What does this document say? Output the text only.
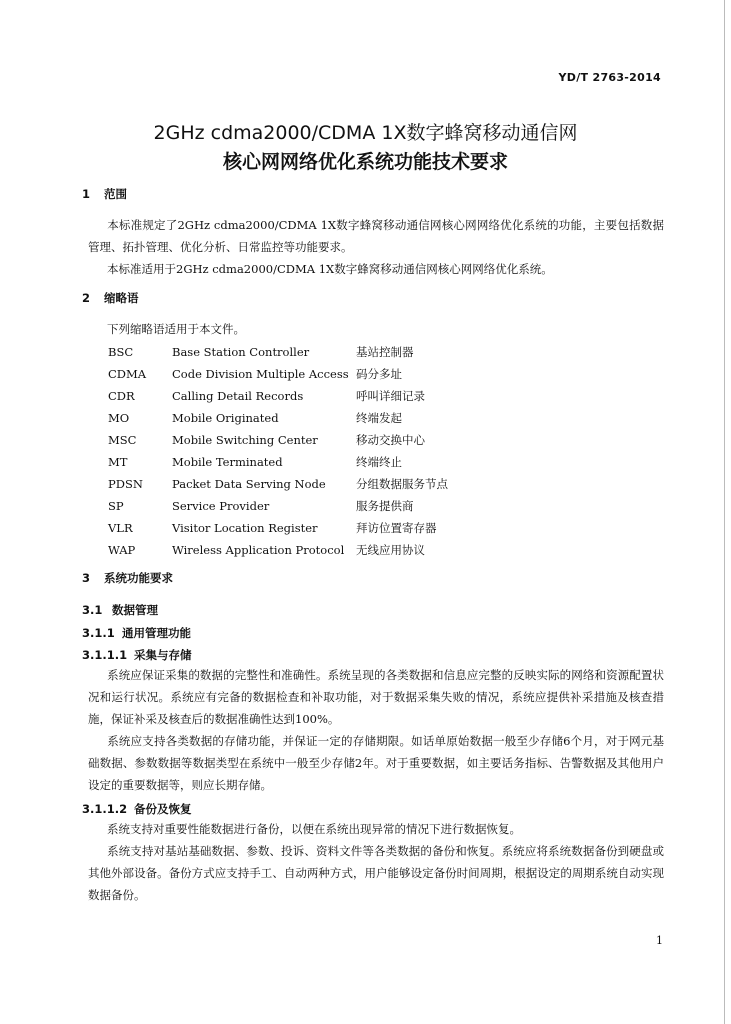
YD/T 2763-2014
2GHz cdma2000/CDMA 1X数字蜂窝移动通信网
核心网网络优化系统功能技术要求
1 范围
本标准规定了2GHz cdma2000/CDMA 1X数字蜂窝移动通信网核心网网络优化系统的功能，主要包括数据管理、拓扑管理、优化分析、日常监控等功能要求。
本标准适用于2GHz cdma2000/CDMA 1X数字蜂窝移动通信网核心网网络优化系统。
2 缩略语
下列缩略语适用于本文件。
BSC	Base Station Controller	基站控制器
CDMA Code Division Multiple Access 码分多址
CDR	Calling Detail Records	呼叫详细记录
MO	Mobile Originated	终端发起
MSC	Mobile Switching Center	移动交换中心
MT	Mobile Terminated	终端终止
PDSN	Packet Data Serving Node	分组数据服务节点
SP	Service Provider	服务提供商
VLR	Visitor Location Register	拜访位置寄存器
WAP	Wireless Application Protocol 无线应用协议
3 系统功能要求
3.1 数据管理
3.1.1 通用管理功能
3.1.1.1 采集与存储
系统应保证采集的数据的完整性和准确性。系统呈现的各类数据和信息应完整的反映实际的网络和资源配置状况和运行状况。系统应有完备的数据检查和补取功能，对于数据采集失败的情况，系统应提供补采措施及核查措施，保证补采及核查后的数据准确性达到100%。
系统应支持各类数据的存储功能，并保证一定的存储期限。如话单原始数据一般至少存储6个月，对于网元基础数据、参数数据等数据类型在系统中一般至少存储2年。对于重要数据，如主要话务指标、告警数据及其他用户设定的重要数据等，则应长期存储。
3.1.1.2 备份及恢复
系统支持对重要性能数据进行备份，以便在系统出现异常的情况下进行数据恢复。
系统支持对基站基础数据、参数、投诉、资料文件等各类数据的备份和恢复。系统应将系统数据备份到硬盘或其他外部设备。备份方式应支持手工、自动两种方式，用户能够设定备份时间周期，根据设定的周期系统自动实现数据备份。
1
